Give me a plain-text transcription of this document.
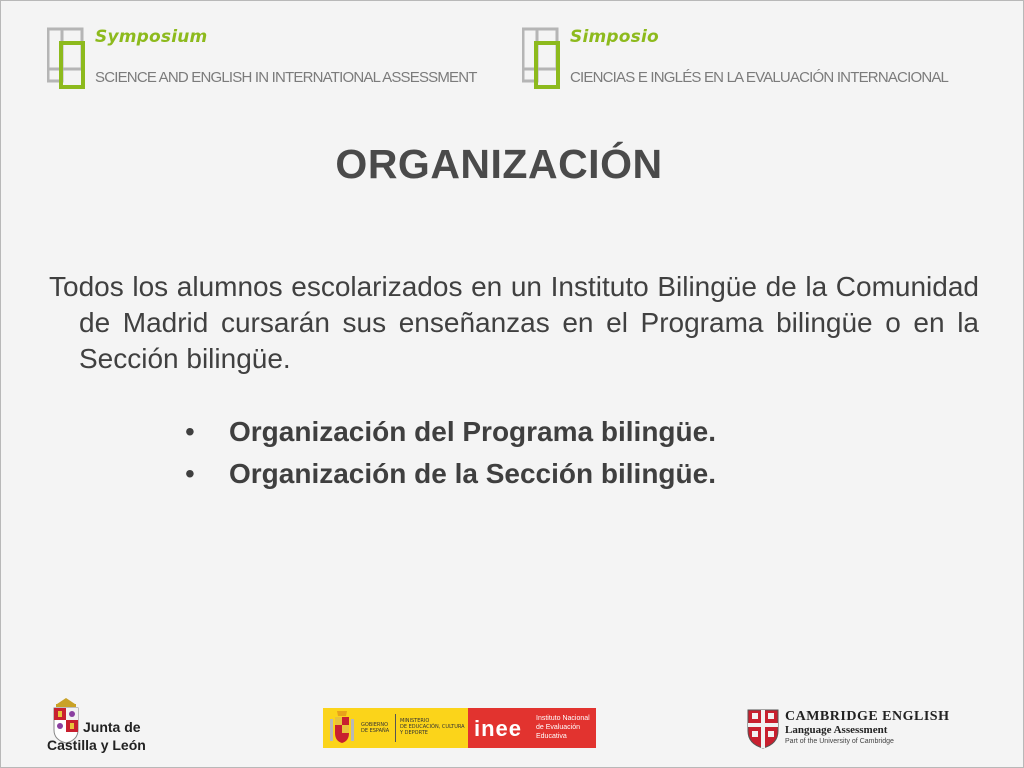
Symposium
SCIENCE AND ENGLISH IN INTERNATIONAL ASSESSMENT
Simposio
CIENCIAS E INGLÉS EN LA EVALUACIÓN INTERNACIONAL
ORGANIZACIÓN
Todos los alumnos escolarizados en un Instituto Bilingüe de la Comunidad de Madrid cursarán sus enseñanzas en el Programa bilingüe o en la Sección bilingüe.
• Organización del Programa bilingüe.
• Organización de la Sección bilingüe.
Junta de
Castilla y León
GOBIERNO
DE ESPAÑA
MINISTERIO
DE EDUCACIÓN, CULTURA
Y DEPORTE	inee Instituto Nacional
de Evaluación
Educativa
CAMBRIDGE ENGLISH
Language Assessment
Part of the University of Cambridge
